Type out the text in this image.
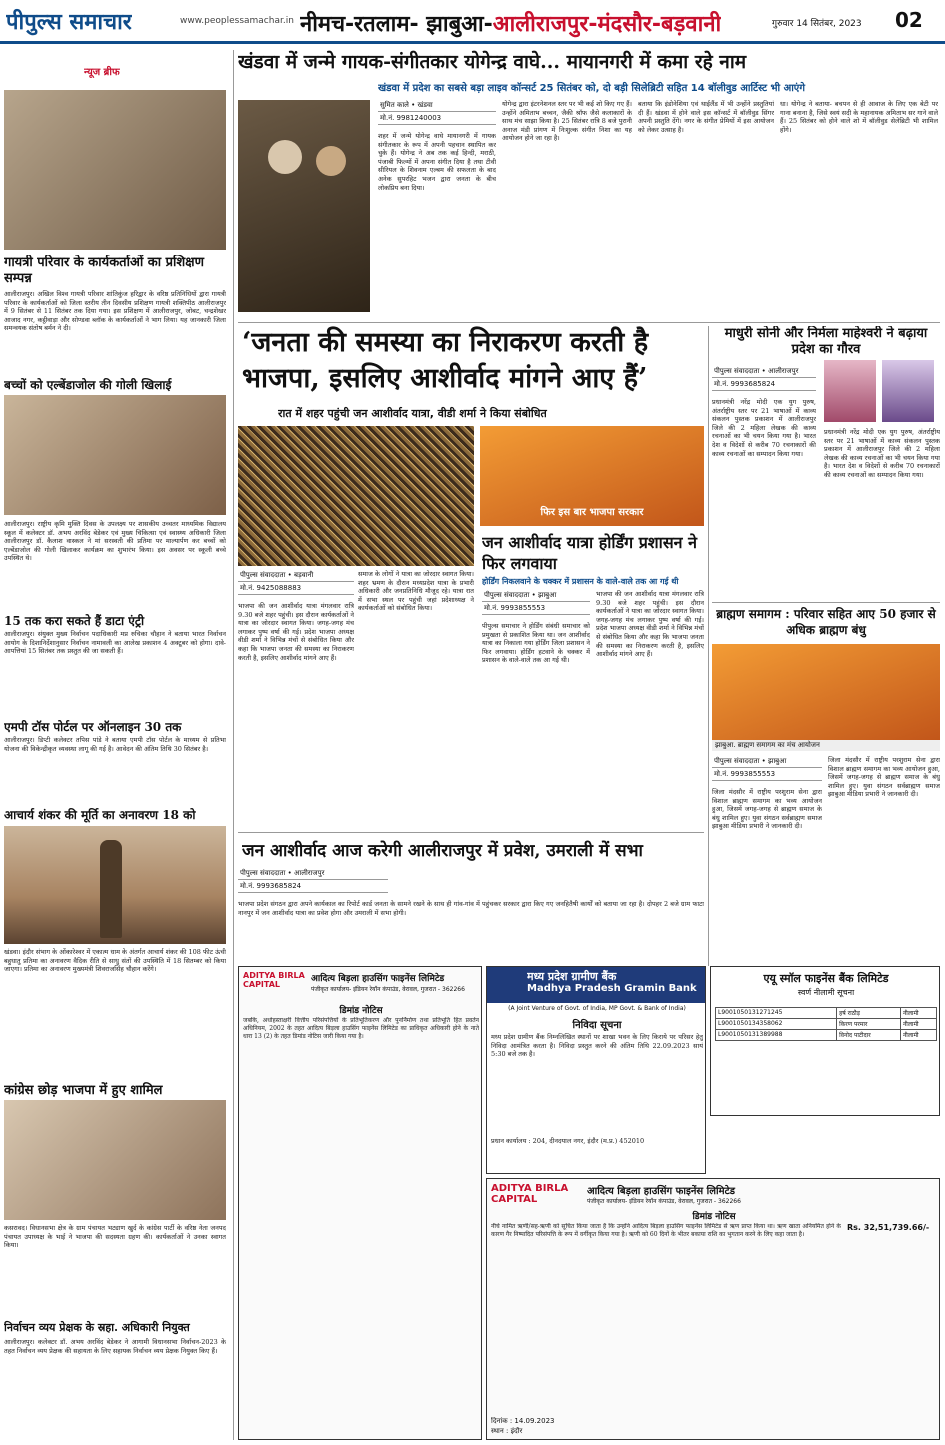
पीपुल्स समाचार	www.peoplessamachar.in नीमच-रतलाम- झाबुआ-आलीराजपुर-मंदसौर-बड़वानी	गुरुवार 14 सितंबर, 2023 02
न्यूज ब्रीफ
गायत्री परिवार के कार्यकर्ताओं का प्रशिक्षण सम्पन्न
आलीराजपुर। अखिल विश्व गायत्री परिवार शांतिकुंज हरिद्वार के वरिष्ठ प्रतिनिधियों द्वारा गायत्री परिवार के कार्यकर्ताओं को जिला स्तरीय तीन दिवसीय प्रशिक्षण गायत्री शक्तिपीठ आलीराजपुर में 9 सितंबर से 11 सितंबर तक दिया गया। इस प्रशिक्षण में आलीराजपुर, जोबट, चन्द्रशेखर आजाद नगर, कट्ठीवाड़ा और सोण्डवा ब्लॉक के कार्यकर्ताओं ने भाग लिया। यह जानकारी जिला समन्वयक संतोष बर्मन ने दी।
बच्चों को एल्बेंडाजोल की गोली खिलाई
आलीराजपुर। राष्ट्रीय कृमि मुक्ति दिवस के उपलक्ष्य पर शासकीय उच्चतर माध्यमिक विद्यालय स्कूल में कलेक्टर डॉ. अभय अरविंद बेडेकर एवं मुख्य चिकित्सा एवं स्वास्थ्य अधिकारी जिला आलीराजपुर डॉ. कैलाश वास्कल ने मां सरस्वती की प्रतिमा पर माल्यार्पण कर बच्चों को एल्बेंडाजोल की गोली खिलाकर कार्यक्रम का शुभारंभ किया। इस अवसर पर स्कूली बच्चे उपस्थित थे।
15 तक करा सकते हैं डाटा एंट्री
आलीराजपुर। संयुक्त मुख्य निर्वाचन पदाधिकारी मप्र रुचिका चौहान ने बताया भारत निर्वाचन आयोग के दिशानिर्देशानुसार निर्वाचन नामावली का आलेख प्रकाशन 4 अक्टूबर को होगा। दावे-आपत्तियां 15 सितंबर तक प्रस्तुत की जा सकती हैं।
एमपी टॉस पोर्टल पर ऑनलाइन 30 तक
आलीराजपुर। डिप्टी कलेक्टर तपिस पांडे ने बताया एमपी टॉस पोर्टल के माध्यम से प्रतिभा योजना की विकेन्द्रीकृत व्यवस्था लागू की गई है। आवेदन की अंतिम तिथि 30 सितंबर है।
आचार्य शंकर की मूर्ति का अनावरण 18 को
खंडवा। इंदौर संभाग के ओंकारेश्वर में एकात्म धाम के अंतर्गत आचार्य शंकर की 108 फीट ऊंची बहुधातु प्रतिमा का अनावरण वैदिक रीति से साधु संतों की उपस्थिति में 18 सितम्बर को किया जाएगा। प्रतिमा का अनावरण मुख्यमंत्री शिवराजसिंह चौहान करेंगे।
कांग्रेस छोड़ भाजपा में हुए शामिल
कसरावद। विधानसभा क्षेत्र के ग्राम पंचायत भट्याण खुर्द के कांग्रेस पार्टी के वरिष्ठ नेता जनपद पंचायत उपाध्यक्ष के भाई ने भाजपा की सदस्यता ग्रहण की। कार्यकर्ताओं ने उनका स्वागत किया।
निर्वाचन व्यय प्रेक्षक के स्रहा. अधिकारी नियुक्त
आलीराजपुर। कलेक्टर डॉ. अभय अरविंद बेडेकर ने आगामी विधानसभा निर्वाचन-2023 के तहत निर्वाचन व्यय प्रेक्षक की सहायता के लिए सहायक निर्वाचन व्यय प्रेक्षक नियुक्त किए हैं।
खंडवा में जन्मे गायक-संगीतकार योगेन्द्र वाघे... मायानगरी में कमा रहे नाम
खंडवा में प्रदेश का सबसे बड़ा लाइव कॉन्सर्ट 25 सितंबर को, दो बड़ी सिलेब्रिटी सहित 14 बॉलीवुड आर्टिस्ट भी आएंगे
सुमित काले • खंडवा
मो.नं. 9981240003
शहर में जन्मे योगेन्द्र वाघे मायानगरी में गायक संगीतकार के रूप में अपनी पहचान स्थापित कर चुके हैं। योगेन्द्र ने अब तक कई हिन्दी, मराठी, पंजाबी फिल्मों में अपना संगीत दिया है तथा टीवी सीरियल के शिवनाम एल्बम की सफलता के बाद अनेक सुपरहिट भजन द्वारा जनता के बीच लोकप्रिय बना दिया।
योगेन्द्र द्वारा इंटरनेशनल स्तर पर भी कई शो किए गए हैं। उन्होंने अमिताभ बच्चन, जैकी श्रॉफ जैसे कलाकारों के साथ मंच साझा किया है। 25 सितंबर रात्रि 8 बजे पुरानी अनाज मंडी प्रांगण में निःशुल्क संगीत निशा का यह आयोजन होने जा रहा है।
बताया कि इंडोनेशिया एवं थाईलैंड में भी उन्होंने प्रस्तुतियां दी हैं। खंडवा में होने वाले इस कॉन्सर्ट में बॉलीवुड सिंगर अपनी प्रस्तुति देंगे। नगर के संगीत प्रेमियों में इस आयोजन को लेकर उत्साह है।
धा। योगेन्द्र ने बताया- बचपन से ही आवाज के लिए एक बेटी पर गाना बनाना है, जिसे स्वयं सदी के महानायक अमिताभ सर गाने वाले हैं। 25 सितंबर को होने वाले शो में बॉलीवुड सेलेब्रिटी भी शामिल होंगे।
‘जनता की समस्या का निराकरण करती है
भाजपा, इसलिए आशीर्वाद मांगने आए हैं’
रात में शहर पहुंची जन आशीर्वाद यात्रा, वीडी शर्मा ने किया संबोधित
फिर इस बार भाजपा सरकार
पीपुल्स संवाददाता • बड़वानी
मो.नं. 9425088883
भाजपा की जन आशीर्वाद यात्रा मंगलवार रात्रि 9.30 बजे शहर पहुंची। इस दौरान कार्यकर्ताओं ने यात्रा का जोरदार स्वागत किया। जगह-जगह मंच लगाकर पुष्प वर्षा की गई। प्रदेश भाजपा अध्यक्ष वीडी शर्मा ने विभिन्न मंचों से संबोधित किया और कहा कि भाजपा जनता की समस्या का निराकरण करती है, इसलिए आशीर्वाद मांगने आए हैं।
समाज के लोगों ने यात्रा का जोरदार स्वागत किया। शहर भ्रमण के दौरान मध्यप्रदेश यात्रा के प्रभारी अधिकारी और जनप्रतिनिधि मौजूद रहे। यात्रा रात में सभा स्थल पर पहुंची जहां प्रदेशाध्यक्ष ने कार्यकर्ताओं को संबोधित किया।
जन आशीर्वाद यात्रा होर्डिंग प्रशासन ने फिर लगवाया
होर्डिंग निकलवाने के चक्कर में प्रशासन के वाले-वाले तक आ गई थी
पीपुल्स संवाददाता • झाबुआ
मो.नं. 9993855553
पीपुल्स समाचार ने होर्डिंग संबंधी समाचार को प्रमुखता से प्रकाशित किया था। जन आशीर्वाद यात्रा का निकाला गया होर्डिंग जिला प्रशासन ने फिर लगवाया। होर्डिंग हटवाने के चक्कर में प्रशासन के वाले-वाले तक आ गई थी।
भाजपा की जन आशीर्वाद यात्रा मंगलवार रात्रि 9.30 बजे शहर पहुंची। इस दौरान कार्यकर्ताओं ने यात्रा का जोरदार स्वागत किया। जगह-जगह मंच लगाकर पुष्प वर्षा की गई। प्रदेश भाजपा अध्यक्ष वीडी शर्मा ने विभिन्न मंचों से संबोधित किया और कहा कि भाजपा जनता की समस्या का निराकरण करती है, इसलिए आशीर्वाद मांगने आए हैं।
जन आशीर्वाद आज करेगी आलीराजपुर में प्रवेश, उमराली में सभा
पीपुल्स संवाददाता • आलीराजपुर
मो.नं. 9993685824
भाजपा प्रदेश संगठन द्वारा अपने कार्यकाल का रिपोर्ट कार्ड जनता के सामने रखने के साथ ही गांव-गांव में पहुंचकर सरकार द्वारा किए गए जनहितैषी कार्यों को बताया जा रहा है। दोपहर 2 बजे ग्राम फाटा नानपुर में जन आशीर्वाद यात्रा का प्रवेश होगा और उमराली में सभा होगी।
माधुरी सोनी और निर्मला माहेश्वरी ने बढ़ाया प्रदेश का गौरव
पीपुल्स संवाददाता • आलीराजपुर
मो.नं. 9993685824
प्रधानमंत्री नरेंद्र मोदी एक युग पुरुष, अंतर्राष्ट्रीय स्तर पर 21 भाषाओं में काव्य संकलन पुस्तक प्रकाशन में आलीराजपुर जिले की 2 महिला लेखक की काव्य रचनाओं का भी चयन किया गया है। भारत देश व विदेशों से करीब 70 रचनाकारों की काव्य रचनाओं का सम्पादन किया गया।
प्रधानमंत्री नरेंद्र मोदी एक युग पुरुष, अंतर्राष्ट्रीय स्तर पर 21 भाषाओं में काव्य संकलन पुस्तक प्रकाशन में आलीराजपुर जिले की 2 महिला लेखक की काव्य रचनाओं का भी चयन किया गया है। भारत देश व विदेशों से करीब 70 रचनाकारों की काव्य रचनाओं का सम्पादन किया गया।
ब्राह्मण समागम : परिवार सहित आए 50 हजार से अधिक ब्राह्मण बंधु
झाबुआ. ब्राह्मण समागम का मंच आयोजन
पीपुल्स संवाददाता • झाबुआ
मो.नं. 9993855553
जिला मंदसौर में राष्ट्रीय परशुराम सेना द्वारा विशाल ब्राह्मण समागम का भव्य आयोजन हुआ, जिसमें जगह-जगह से ब्राह्मण समाज के बंधु शामिल हुए। युवा संगठन सर्वब्राह्मण समाज झाबुआ मीडिया प्रभारी ने जानकारी दी।
जिला मंदसौर में राष्ट्रीय परशुराम सेना द्वारा विशाल ब्राह्मण समागम का भव्य आयोजन हुआ, जिसमें जगह-जगह से ब्राह्मण समाज के बंधु शामिल हुए। युवा संगठन सर्वब्राह्मण समाज झाबुआ मीडिया प्रभारी ने जानकारी दी।
ADITYA BIRLA CAPITAL
आदित्य बिड़ला हाउसिंग फाइनेंस लिमिटेड
पंजीकृत कार्यालय- इंडियन रेयॉन कंपाउंड, वेरावल, गुजरात - 362266
डिमांड नोटिस
जबकि, अधोहस्ताक्षरी वित्तीय परिसंपत्तियों के प्रतिभूतिकरण और पुनर्निर्माण तथा प्रतिभूति हित प्रवर्तन अधिनियम, 2002 के तहत आदित्य बिड़ला हाउसिंग फाइनेंस लिमिटेड का प्राधिकृत अधिकारी होने के नाते धारा 13 (2) के तहत डिमांड नोटिस जारी किया गया है।
मध्य प्रदेश ग्रामीण बैंक
Madhya Pradesh Gramin Bank
(A Joint Venture of Govt. of India, MP Govt. & Bank of India)
निविदा सूचना
मध्य प्रदेश ग्रामीण बैंक निम्नलिखित स्थानों पर शाखा भवन के लिए किराये पर परिसर हेतु निविदा आमंत्रित करता है। निविदा प्रस्तुत करने की अंतिम तिथि 22.09.2023 सायं 5:30 बजे तक है।
प्रधान कार्यालय : 204, दीनदयाल नगर, इंदौर (म.प्र.) 452010
एयू स्मॉल फाइनेंस बैंक लिमिटेड
स्वर्ण नीलामी सूचना
L9001050131271245	हर्ष राठौड़	नीलामी
L9001050134358062	किरण परमार	नीलामी
L9001050131389988	विनोद पाटीदार	नीलामी
ADITYA BIRLA CAPITAL
आदित्य बिड़ला हाउसिंग फाइनेंस लिमिटेड
पंजीकृत कार्यालय- इंडियन रेयॉन कंपाउंड, वेरावल, गुजरात - 362266
डिमांड नोटिस
नीचे नामित ऋणी/सह-ऋणी को सूचित किया जाता है कि उन्होंने आदित्य बिड़ला हाउसिंग फाइनेंस लिमिटेड से ऋण प्राप्त किया था। ऋण खाता अनियमित होने के कारण गैर निष्पादित परिसंपत्ति के रूप में वर्गीकृत किया गया है। ऋणी को 60 दिनों के भीतर बकाया राशि का भुगतान करने के लिए कहा जाता है।
Rs. 32,51,739.66/-
दिनांक : 14.09.2023
स्थान : इंदौर
